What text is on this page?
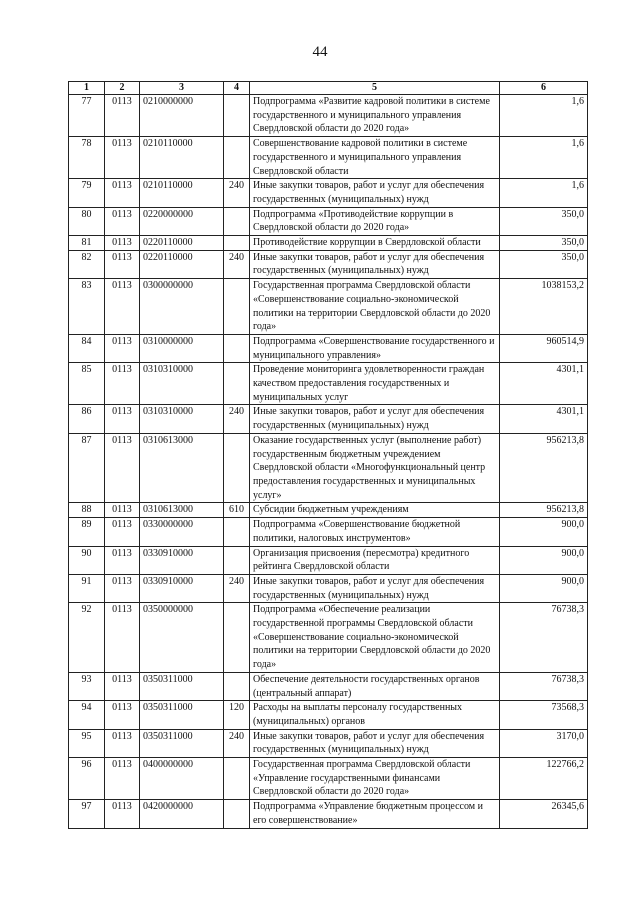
44
1	2	3	4	5	6
77	0113	0210000000		Подпрограмма «Развитие кадровой политики в системе государственного и муниципального управления Свердловской области до 2020 года»	1,6
78	0113	0210110000		Совершенствование кадровой политики в системе государственного и муниципального управления Свердловской области	1,6
79	0113	0210110000	240	Иные закупки товаров, работ и услуг для обеспечения государственных (муниципальных) нужд	1,6
80	0113	0220000000		Подпрограмма «Противодействие коррупции в Свердловской области до 2020 года»	350,0
81	0113	0220110000		Противодействие коррупции в Свердловской области	350,0
82	0113	0220110000	240	Иные закупки товаров, работ и услуг для обеспечения государственных (муниципальных) нужд	350,0
83	0113	0300000000		Государственная программа Свердловской области «Совершенствование социально-экономической политики на территории Свердловской области до 2020 года»	1038153,2
84	0113	0310000000		Подпрограмма «Совершенствование государственного и муниципального управления»	960514,9
85	0113	0310310000		Проведение мониторинга удовлетворенности граждан качеством предоставления государственных и муниципальных услуг	4301,1
86	0113	0310310000	240	Иные закупки товаров, работ и услуг для обеспечения государственных (муниципальных) нужд	4301,1
87	0113	0310613000		Оказание государственных услуг (выполнение работ) государственным бюджетным учреждением Свердловской области «Многофункциональный центр предоставления государственных и муниципальных услуг»	956213,8
88	0113	0310613000	610	Субсидии бюджетным учреждениям	956213,8
89	0113	0330000000		Подпрограмма «Совершенствование бюджетной политики, налоговых инструментов»	900,0
90	0113	0330910000		Организация присвоения (пересмотра) кредитного рейтинга Свердловской области	900,0
91	0113	0330910000	240	Иные закупки товаров, работ и услуг для обеспечения государственных (муниципальных) нужд	900,0
92	0113	0350000000		Подпрограмма «Обеспечение реализации государственной программы Свердловской области «Совершенствование социально-экономической политики на территории Свердловской области до 2020 года»	76738,3
93	0113	0350311000		Обеспечение деятельности государственных органов (центральный аппарат)	76738,3
94	0113	0350311000	120	Расходы на выплаты персоналу государственных (муниципальных) органов	73568,3
95	0113	0350311000	240	Иные закупки товаров, работ и услуг для обеспечения государственных (муниципальных) нужд	3170,0
96	0113	0400000000		Государственная программа Свердловской области «Управление государственными финансами Свердловской области до 2020 года»	122766,2
97	0113	0420000000		Подпрограмма «Управление бюджетным процессом и его совершенствование»	26345,6
